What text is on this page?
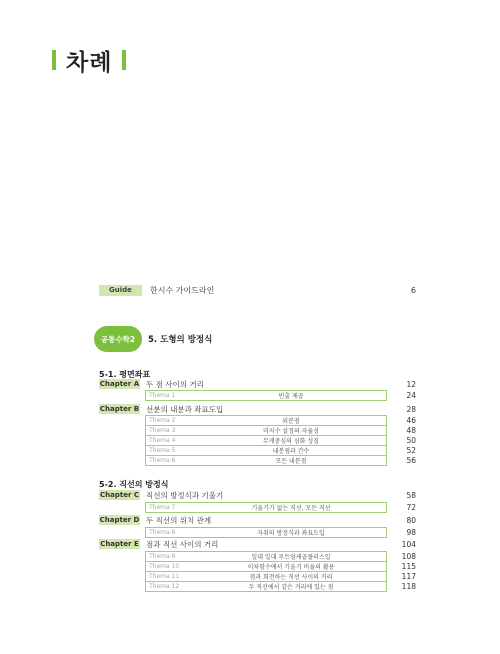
차례
Guide	한시수 가이드라인	6
공통수학2	5. 도형의 방정식
5-1. 평면좌표
Chapter A 두 점 사이의 거리	12
Thema 1	빈출 제곱	24
Chapter B 선분의 내분과 좌표도입	28
Thema 2	외분점	46
Thema 3	미지수 설정의 자율성	48
Thema 4	무게중심의 심화 성질	50
Thema 5	내분점과 간수	52
Thema 6	모든 내분점	56
5-2. 직선의 방정식
Chapter C 직선의 방정식과 기울기	58
Thema 7	기울기가 없는 직선, 모든 직선	72
Chapter D 두 직선의 위치 관계	80
Thema 8	자취의 방정식과 좌표도입	98
Chapter E 점과 직선 사이의 거리	104
Thema 9	일대 일대 루트엄제곱플러스일	108
Thema 10	이차함수에서 기울기 비율의 활용	115
Thema 11	점과 회전하는 직선 사이의 거리	117
Thema 12	두 직선에서 같은 거리에 있는 점	118
